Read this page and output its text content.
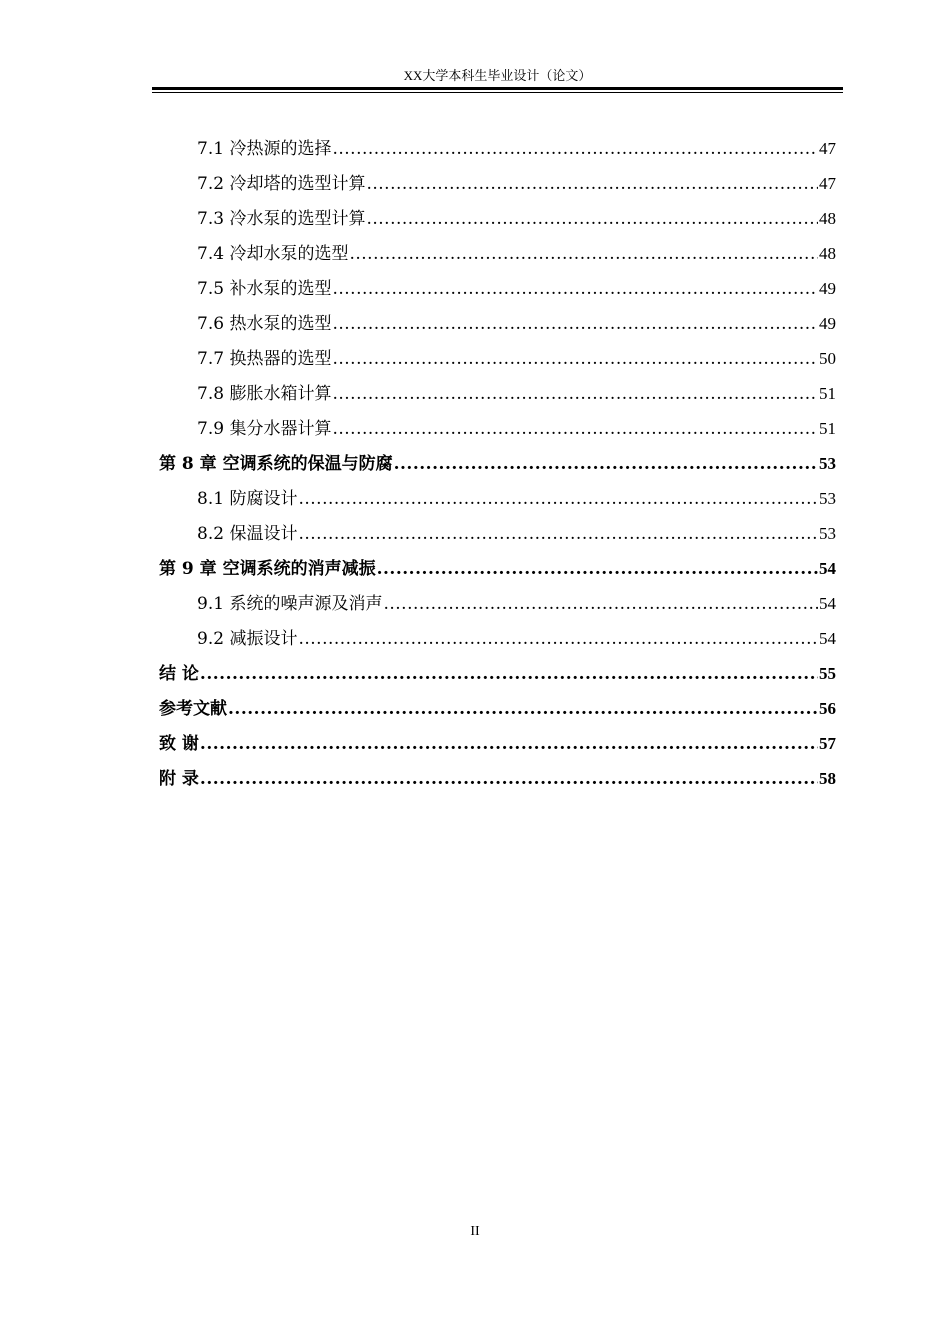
XX大学本科生毕业设计（论文）
7.1 冷热源的选择 .....	47
7.2 冷却塔的选型计算 .....	47
7.3 冷水泵的选型计算 .....	48
7.4 冷却水泵的选型 .....	48
7.5 补水泵的选型 .....	49
7.6 热水泵的选型 .....	49
7.7 换热器的选型 .....	50
7.8 膨胀水箱计算 .....	51
7.9 集分水器计算 .....	51
第 8 章 空调系统的保温与防腐 .....	53
8.1 防腐设计 .....	53
8.2 保温设计 .....	53
第 9 章 空调系统的消声减振 .....	54
9.1 系统的噪声源及消声 .....	54
9.2 减振设计 .....	54
结 论 .....	55
参考文献 .....	56
致 谢 .....	57
附 录 .....	58
II
